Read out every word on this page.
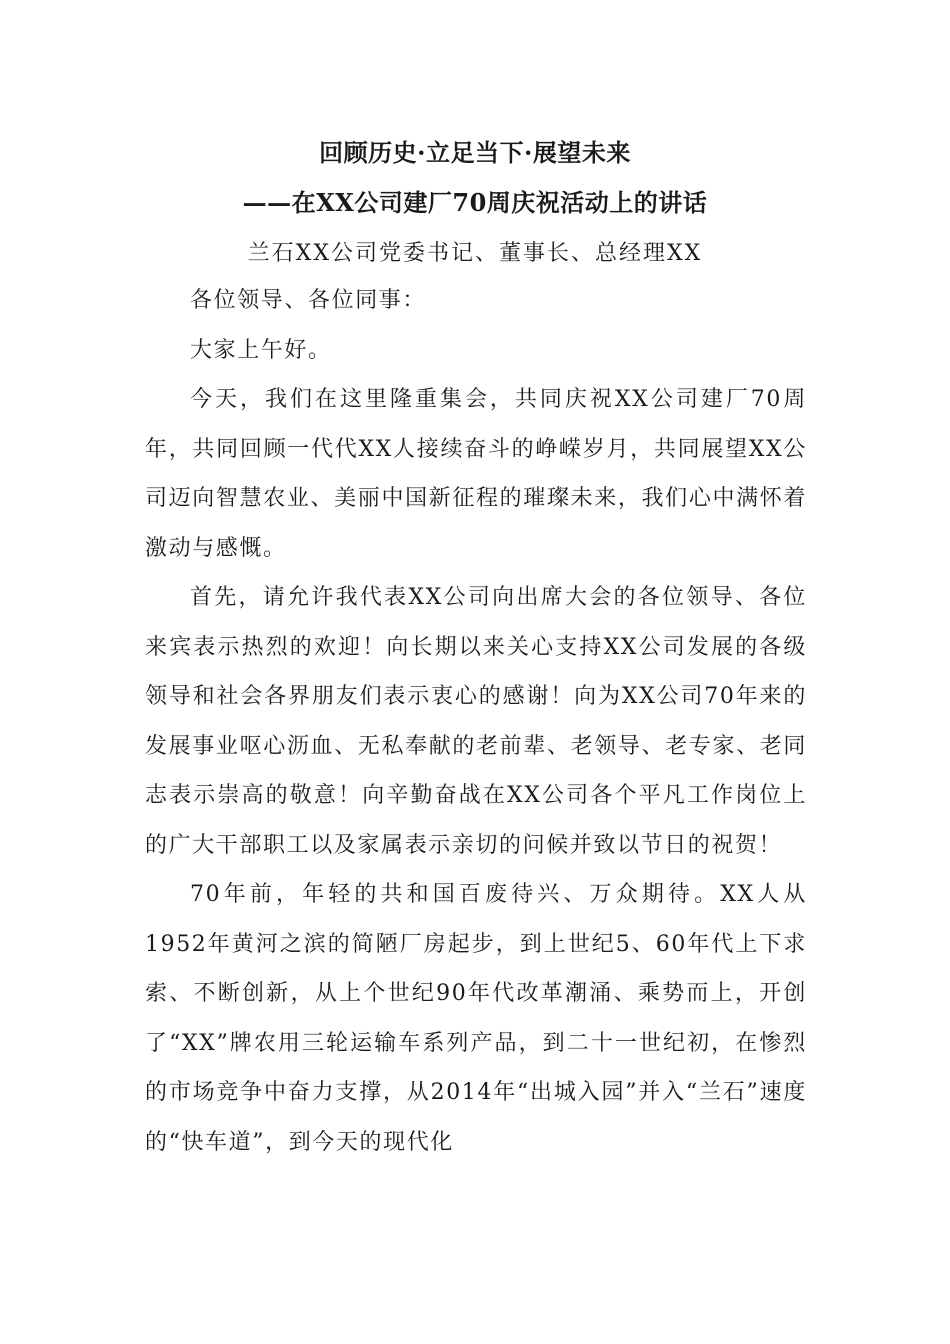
回顾历史·立足当下·展望未来
——在XX公司建厂70周庆祝活动上的讲话
兰石XX公司党委书记、董事长、总经理XX

各位领导、各位同事：

大家上午好。

今天，我们在这里隆重集会，共同庆祝XX公司建厂70周年，共同回顾一代代XX人接续奋斗的峥嵘岁月，共同展望XX公司迈向智慧农业、美丽中国新征程的璀璨未来，我们心中满怀着激动与感慨。

首先，请允许我代表XX公司向出席大会的各位领导、各位来宾表示热烈的欢迎！向长期以来关心支持XX公司发展的各级领导和社会各界朋友们表示衷心的感谢！向为XX公司70年来的发展事业呕心沥血、无私奉献的老前辈、老领导、老专家、老同志表示崇高的敬意！向辛勤奋战在XX公司各个平凡工作岗位上的广大干部职工以及家属表示亲切的问候并致以节日的祝贺！

70年前，年轻的共和国百废待兴、万众期待。XX人从1952年黄河之滨的简陋厂房起步，到上世纪5、60年代上下求索、不断创新，从上个世纪90年代改革潮涌、乘势而上，开创了“XX”牌农用三轮运输车系列产品，到二十一世纪初，在惨烈的市场竞争中奋力支撑，从2014年“出城入园”并入“兰石”速度的“快车道”，到今天的现代化
